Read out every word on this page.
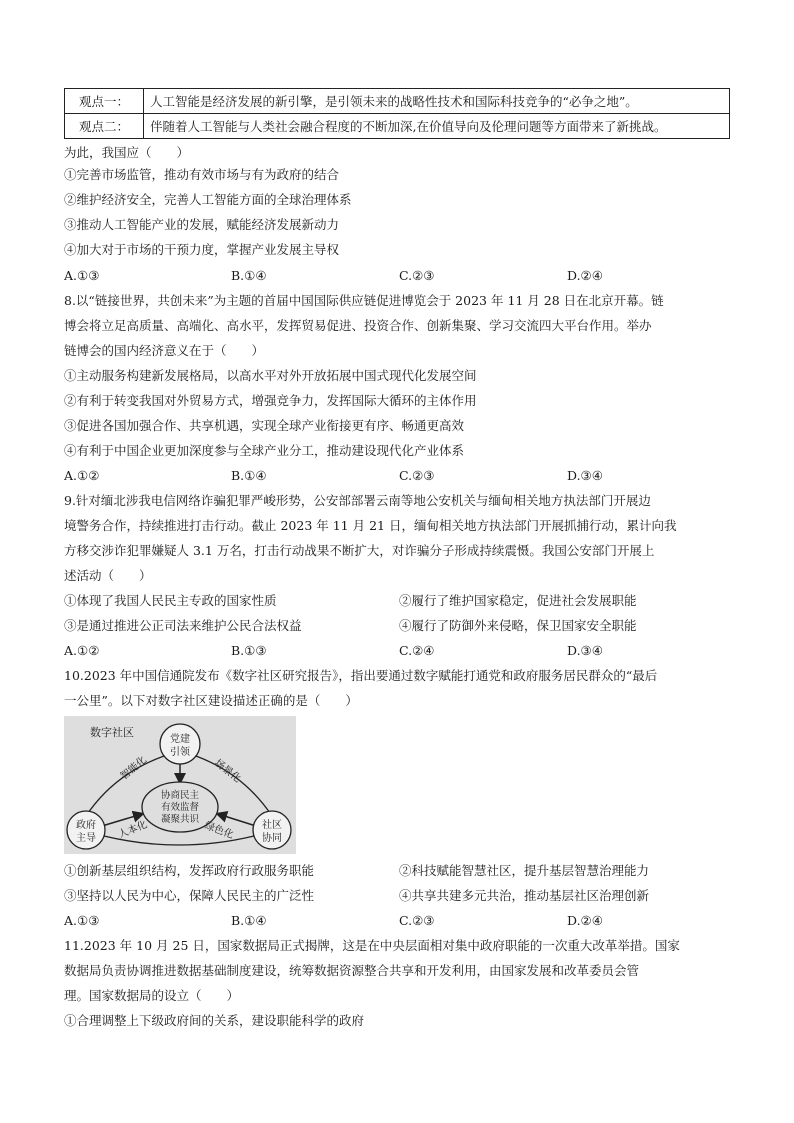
观点一：	人工智能是经济发展的新引擎，是引领未来的战略性技术和国际科技竞争的“必争之地”。
观点二：	伴随着人工智能与人类社会融合程度的不断加深,在价值导向及伦理问题等方面带来了新挑战。
为此，我国应（　　）
①完善市场监管，推动有效市场与有为政府的结合
②维护经济安全，完善人工智能方面的全球治理体系
③推动人工智能产业的发展，赋能经济发展新动力
④加大对于市场的干预力度，掌握产业发展主导权
A.①③	B.①④	C.②③	D.②④
8.以“链接世界，共创未来”为主题的首届中国国际供应链促进博览会于 2023 年 11 月 28 日在北京开幕。链
博会将立足高质量、高端化、高水平，发挥贸易促进、投资合作、创新集聚、学习交流四大平台作用。举办
链博会的国内经济意义在于（　　）
①主动服务构建新发展格局，以高水平对外开放拓展中国式现代化发展空间
②有利于转变我国对外贸易方式，增强竞争力，发挥国际大循环的主体作用
③促进各国加强合作、共享机遇，实现全球产业衔接更有序、畅通更高效
④有利于中国企业更加深度参与全球产业分工，推动建设现代化产业体系
A.①②	B.①④	C.②③	D.③④
9.针对缅北涉我电信网络诈骗犯罪严峻形势，公安部部署云南等地公安机关与缅甸相关地方执法部门开展边
境警务合作，持续推进打击行动。截止 2023 年 11 月 21 日，缅甸相关地方执法部门开展抓捕行动，累计向我
方移交涉诈犯罪嫌疑人 3.1 万名，打击行动战果不断扩大，对诈骗分子形成持续震慑。我国公安部门开展上
述活动（　　）
①体现了我国人民民主专政的国家性质	②履行了维护国家稳定，促进社会发展职能
③是通过推进公正司法来维护公民合法权益	④履行了防御外来侵略，保卫国家安全职能
A.①②	B.①③	C.②④	D.③④
10.2023 年中国信通院发布《数字社区研究报告》，指出要通过数字赋能打通党和政府服务居民群众的“最后
一公里”。以下对数字社区建设描述正确的是（　　）
数字社区
协商民主
有效监督
凝聚共识
党建
引领
政府
主导
社区
协同
智能化	场景化
人本化	绿色化
①创新基层组织结构，发挥政府行政服务职能	②科技赋能智慧社区，提升基层智慧治理能力
③坚持以人民为中心，保障人民民主的广泛性	④共享共建多元共治，推动基层社区治理创新
A.①③	B.①④	C.②③	D.②④
11.2023 年 10 月 25 日，国家数据局正式揭牌，这是在中央层面相对集中政府职能的一次重大改革举措。国家
数据局负责协调推进数据基础制度建设，统筹数据资源整合共享和开发利用，由国家发展和改革委员会管
理。国家数据局的设立（　　）
①合理调整上下级政府间的关系，建设职能科学的政府
